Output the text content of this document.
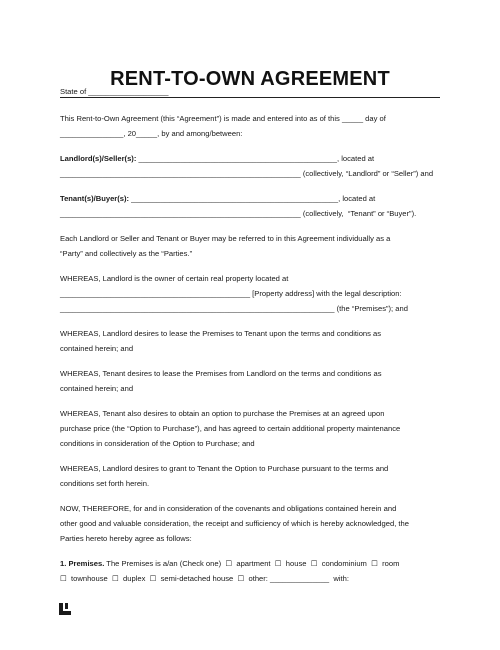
State of ___________________

RENT-TO-OWN AGREEMENT

This Rent-to-Own Agreement (this “Agreement”) is made and entered into as of this _____ day of

_______________, 20_____, by and among/between:

Landlord(s)/Seller(s): _______________________________________________, located at

_________________________________________________________ (collectively, “Landlord” or “Seller”) and

Tenant(s)/Buyer(s): _________________________________________________, located at

_________________________________________________________ (collectively,  “Tenant” or “Buyer”).

Each Landlord or Seller and Tenant or Buyer may be referred to in this Agreement individually as a

“Party” and collectively as the “Parties.”

WHEREAS, Landlord is the owner of certain real property located at

_____________________________________________ [Property address] with the legal description:

_________________________________________________________________ (the “Premises”); and

WHEREAS, Landlord desires to lease the Premises to Tenant upon the terms and conditions as

contained herein; and

WHEREAS, Tenant desires to lease the Premises from Landlord on the terms and conditions as

contained herein; and

WHEREAS, Tenant also desires to obtain an option to purchase the Premises at an agreed upon

purchase price (the “Option to Purchase”), and has agreed to certain additional property maintenance

conditions in consideration of the Option to Purchase; and

WHEREAS, Landlord desires to grant to Tenant the Option to Purchase pursuant to the terms and

conditions set forth herein.

NOW, THEREFORE, for and in consideration of the covenants and obligations contained herein and

other good and valuable consideration, the receipt and sufficiency of which is hereby acknowledged, the

Parties hereto hereby agree as follows:

1. Premises. The Premises is a/an (Check one)  ☐  apartment  ☐  house  ☐  condominium  ☐  room

☐  townhouse  ☐  duplex  ☐  semi-detached house  ☐  other: ______________  with:
